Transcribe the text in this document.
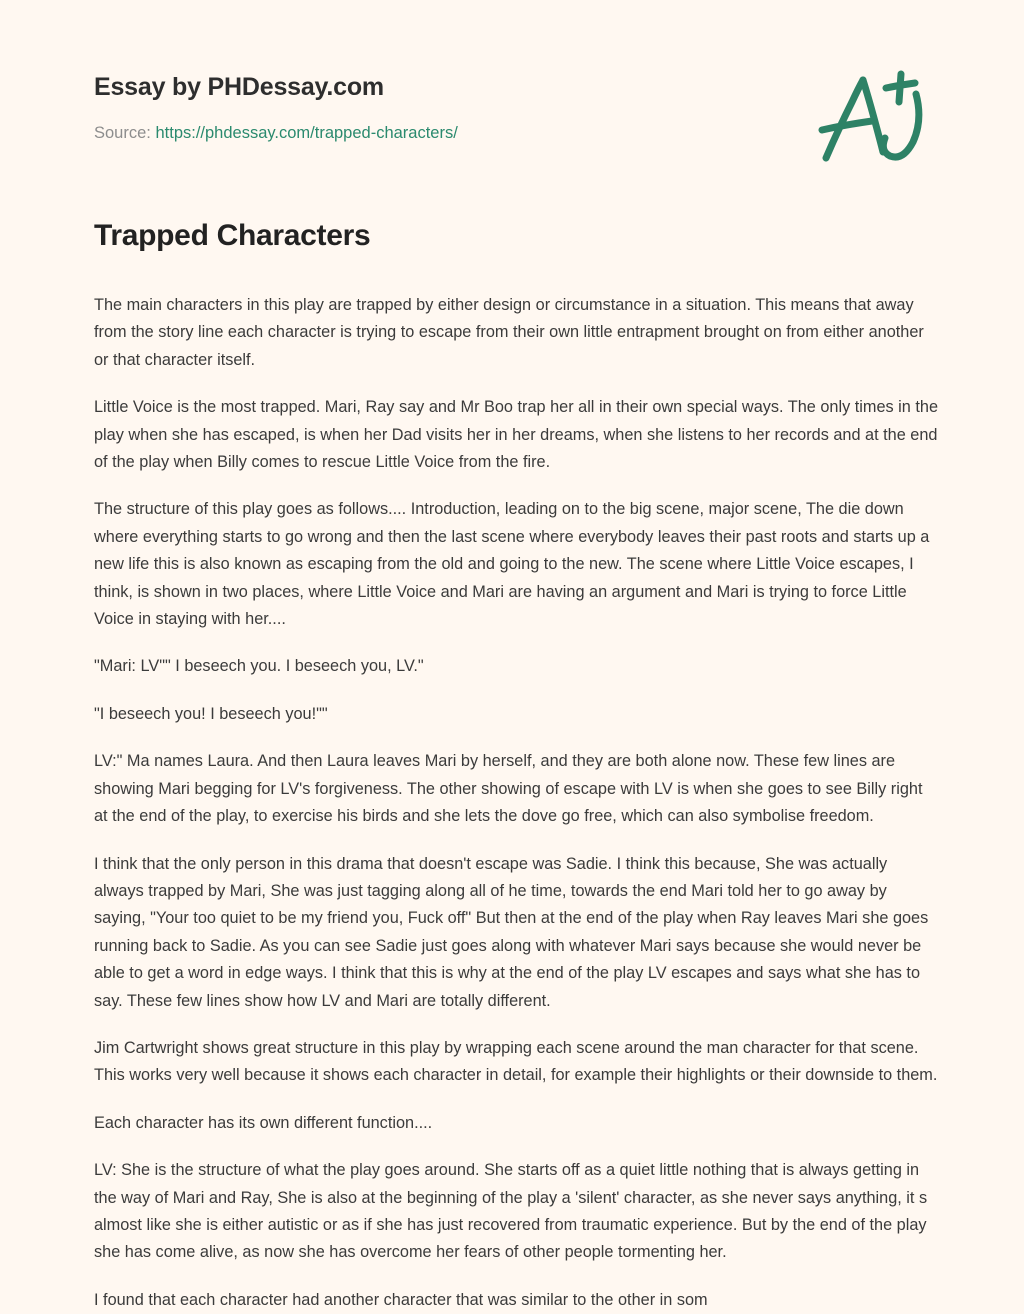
Essay by PHDessay.com
Source: https://phdessay.com/trapped-characters/
Trapped Characters

The main characters in this play are trapped by either design or circumstance in a situation. This means that away from the story line each character is trying to escape from their own little entrapment brought on from either another or that character itself.

Little Voice is the most trapped. Mari, Ray say and Mr Boo trap her all in their own special ways. The only times in the play when she has escaped, is when her Dad visits her in her dreams, when she listens to her records and at the end of the play when Billy comes to rescue Little Voice from the fire.

The structure of this play goes as follows.... Introduction, leading on to the big scene, major scene, The die down where everything starts to go wrong and then the last scene where everybody leaves their past roots and starts up a new life this is also known as escaping from the old and going to the new. The scene where Little Voice escapes, I think, is shown in two places, where Little Voice and Mari are having an argument and Mari is trying to force Little Voice in staying with her....

"Mari: LV"" I beseech you. I beseech you, LV."

"I beseech you! I beseech you!""

LV:" Ma names Laura. And then Laura leaves Mari by herself, and they are both alone now. These few lines are showing Mari begging for LV's forgiveness. The other showing of escape with LV is when she goes to see Billy right at the end of the play, to exercise his birds and she lets the dove go free, which can also symbolise freedom.

I think that the only person in this drama that doesn't escape was Sadie. I think this because, She was actually always trapped by Mari, She was just tagging along all of he time, towards the end Mari told her to go away by saying, "Your too quiet to be my friend you, Fuck off" But then at the end of the play when Ray leaves Mari she goes running back to Sadie. As you can see Sadie just goes along with whatever Mari says because she would never be able to get a word in edge ways. I think that this is why at the end of the play LV escapes and says what she has to say. These few lines show how LV and Mari are totally different.

Jim Cartwright shows great structure in this play by wrapping each scene around the man character for that scene. This works very well because it shows each character in detail, for example their highlights or their downside to them.

Each character has its own different function....

LV: She is the structure of what the play goes around. She starts off as a quiet little nothing that is always getting in the way of Mari and Ray, She is also at the beginning of the play a 'silent' character, as she never says anything, it s almost like she is either autistic or as if she has just recovered from traumatic experience. But by the end of the play she has come alive, as now she has overcome her fears of other people tormenting her.

I found that each character had another character that was similar to the other in som
